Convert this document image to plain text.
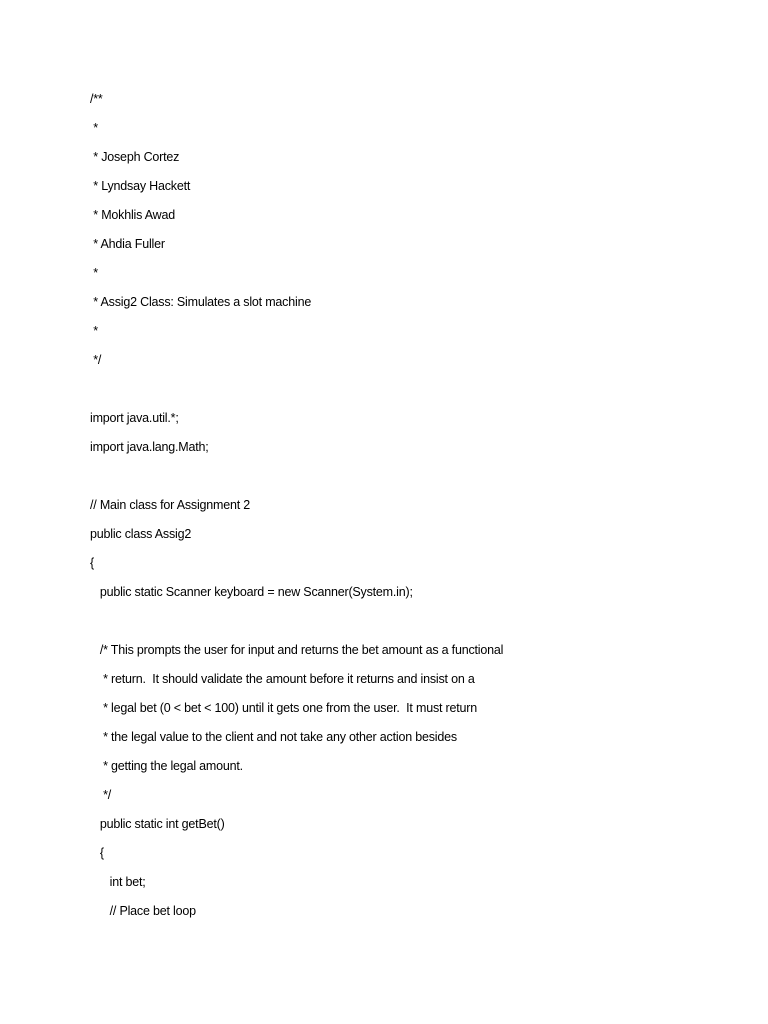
/**
*
* Joseph Cortez
* Lyndsay Hackett
* Mokhlis Awad
* Ahdia Fuller
*
* Assig2 Class: Simulates a slot machine
*
*/
import java.util.*;
import java.lang.Math;
// Main class for Assignment 2
public class Assig2
{
public static Scanner keyboard = new Scanner(System.in);
/* This prompts the user for input and returns the bet amount as a functional
* return.  It should validate the amount before it returns and insist on a
* legal bet (0 < bet < 100) until it gets one from the user.  It must return
* the legal value to the client and not take any other action besides
* getting the legal amount.
*/
public static int getBet()
{
int bet;
// Place bet loop
